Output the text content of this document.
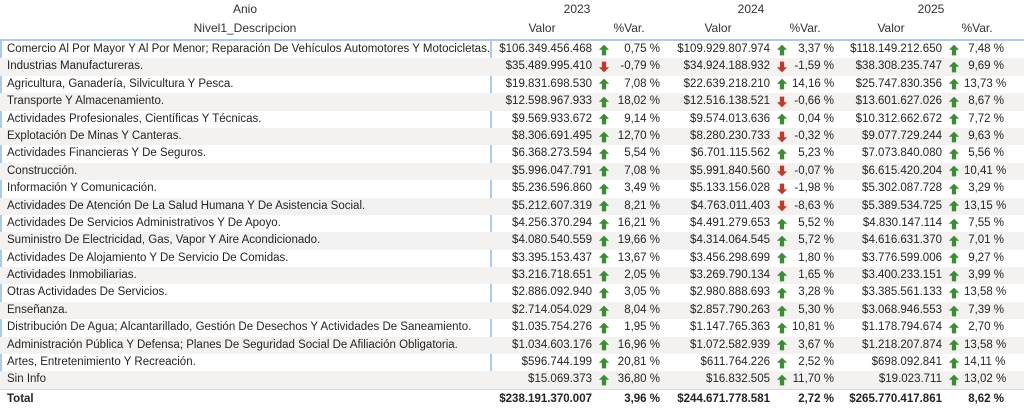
Anio	2023	2024	2025
Nivel1_Descripcion	Valor	%Var.	Valor	%Var.	Valor	%Var.
Comercio Al Por Mayor Y Al Por Menor; Reparación De Vehículos Automotores Y Motocicletas. $106.349.456.468	0,75 %	$109.929.807.974	3,37 %	$118.149.212.650	7,48 %
Industrias Manufactureras.	$35.489.995.410	-0,79 %	$34.924.188.932 -1,59 %	$38.308.235.747	9,69 %
Agricultura, Ganadería, Silvicultura Y Pesca.	$19.831.698.530	7,08 %	$22.639.218.210 14,16 %	$25.747.830.356 13,73 %
Transporte Y Almacenamiento.	$12.598.967.933	18,02 %	$12.516.138.521 -0,66 %	$13.601.627.026	8,67 %
Actividades Profesionales, Científicas Y Técnicas.	$9.569.933.672	9,14 %	$9.574.013.636	0,04 %	$10.312.662.672	7,72 %
Explotación De Minas Y Canteras.	$8.306.691.495	12,70 %	$8.280.230.733 -0,32 %	$9.077.729.244	9,63 %
Actividades Financieras Y De Seguros.	$6.368.273.594	5,54 %	$6.701.115.562	5,23 %	$7.073.840.080	5,56 %
Construcción.	$5.996.047.791	7,08 %	$5.991.840.560 -0,07 %	$6.615.420.204 10,41 %
Información Y Comunicación.	$5.236.596.860	3,49 %	$5.133.156.028 -1,98 %	$5.302.087.728	3,29 %
Actividades De Atención De La Salud Humana Y De Asistencia Social.	$5.212.607.319	8,21 %	$4.763.011.403 -8,63 %	$5.389.534.725 13,15 %
Actividades De Servicios Administrativos Y De Apoyo.	$4.256.370.294	16,21 %	$4.491.279.653	5,52 %	$4.830.147.114	7,55 %
Suministro De Electricidad, Gas, Vapor Y Aire Acondicionado.	$4.080.540.559	19,66 %	$4.314.064.545	5,72 %	$4.616.631.370	7,01 %
Actividades De Alojamiento Y De Servicio De Comidas.	$3.395.153.437	13,67 %	$3.456.298.699	1,80 %	$3.776.599.006	9,27 %
Actividades Inmobiliarias.	$3.216.718.651	2,05 %	$3.269.790.134	1,65 %	$3.400.233.151	3,99 %
Otras Actividades De Servicios.	$2.886.092.940	3,05 %	$2.980.888.693	3,28 %	$3.385.561.133 13,58 %
Enseñanza.	$2.714.054.029	8,04 %	$2.857.790.263	5,30 %	$3.068.946.553	7,39 %
Distribución De Agua; Alcantarillado, Gestión De Desechos Y Actividades De Saneamiento.	$1.035.754.276	1,95 %	$1.147.765.363 10,81 %	$1.178.794.674	2,70 %
Administración Pública Y Defensa; Planes De Seguridad Social De Afiliación Obligatoria.	$1.034.603.176	16,96 %	$1.072.582.939	3,67 %	$1.218.207.874 13,58 %
Artes, Entretenimiento Y Recreación.	$596.744.199	20,81 %	$611.764.226	2,52 %	$698.092.841 14,11 %
Sin Info	$15.069.373	36,80 %	$16.832.505 11,70 %	$19.023.711 13,02 %
Total	$238.191.370.007	3,96 %	$244.671.778.581	2,72 %	$265.770.417.861	8,62 %
